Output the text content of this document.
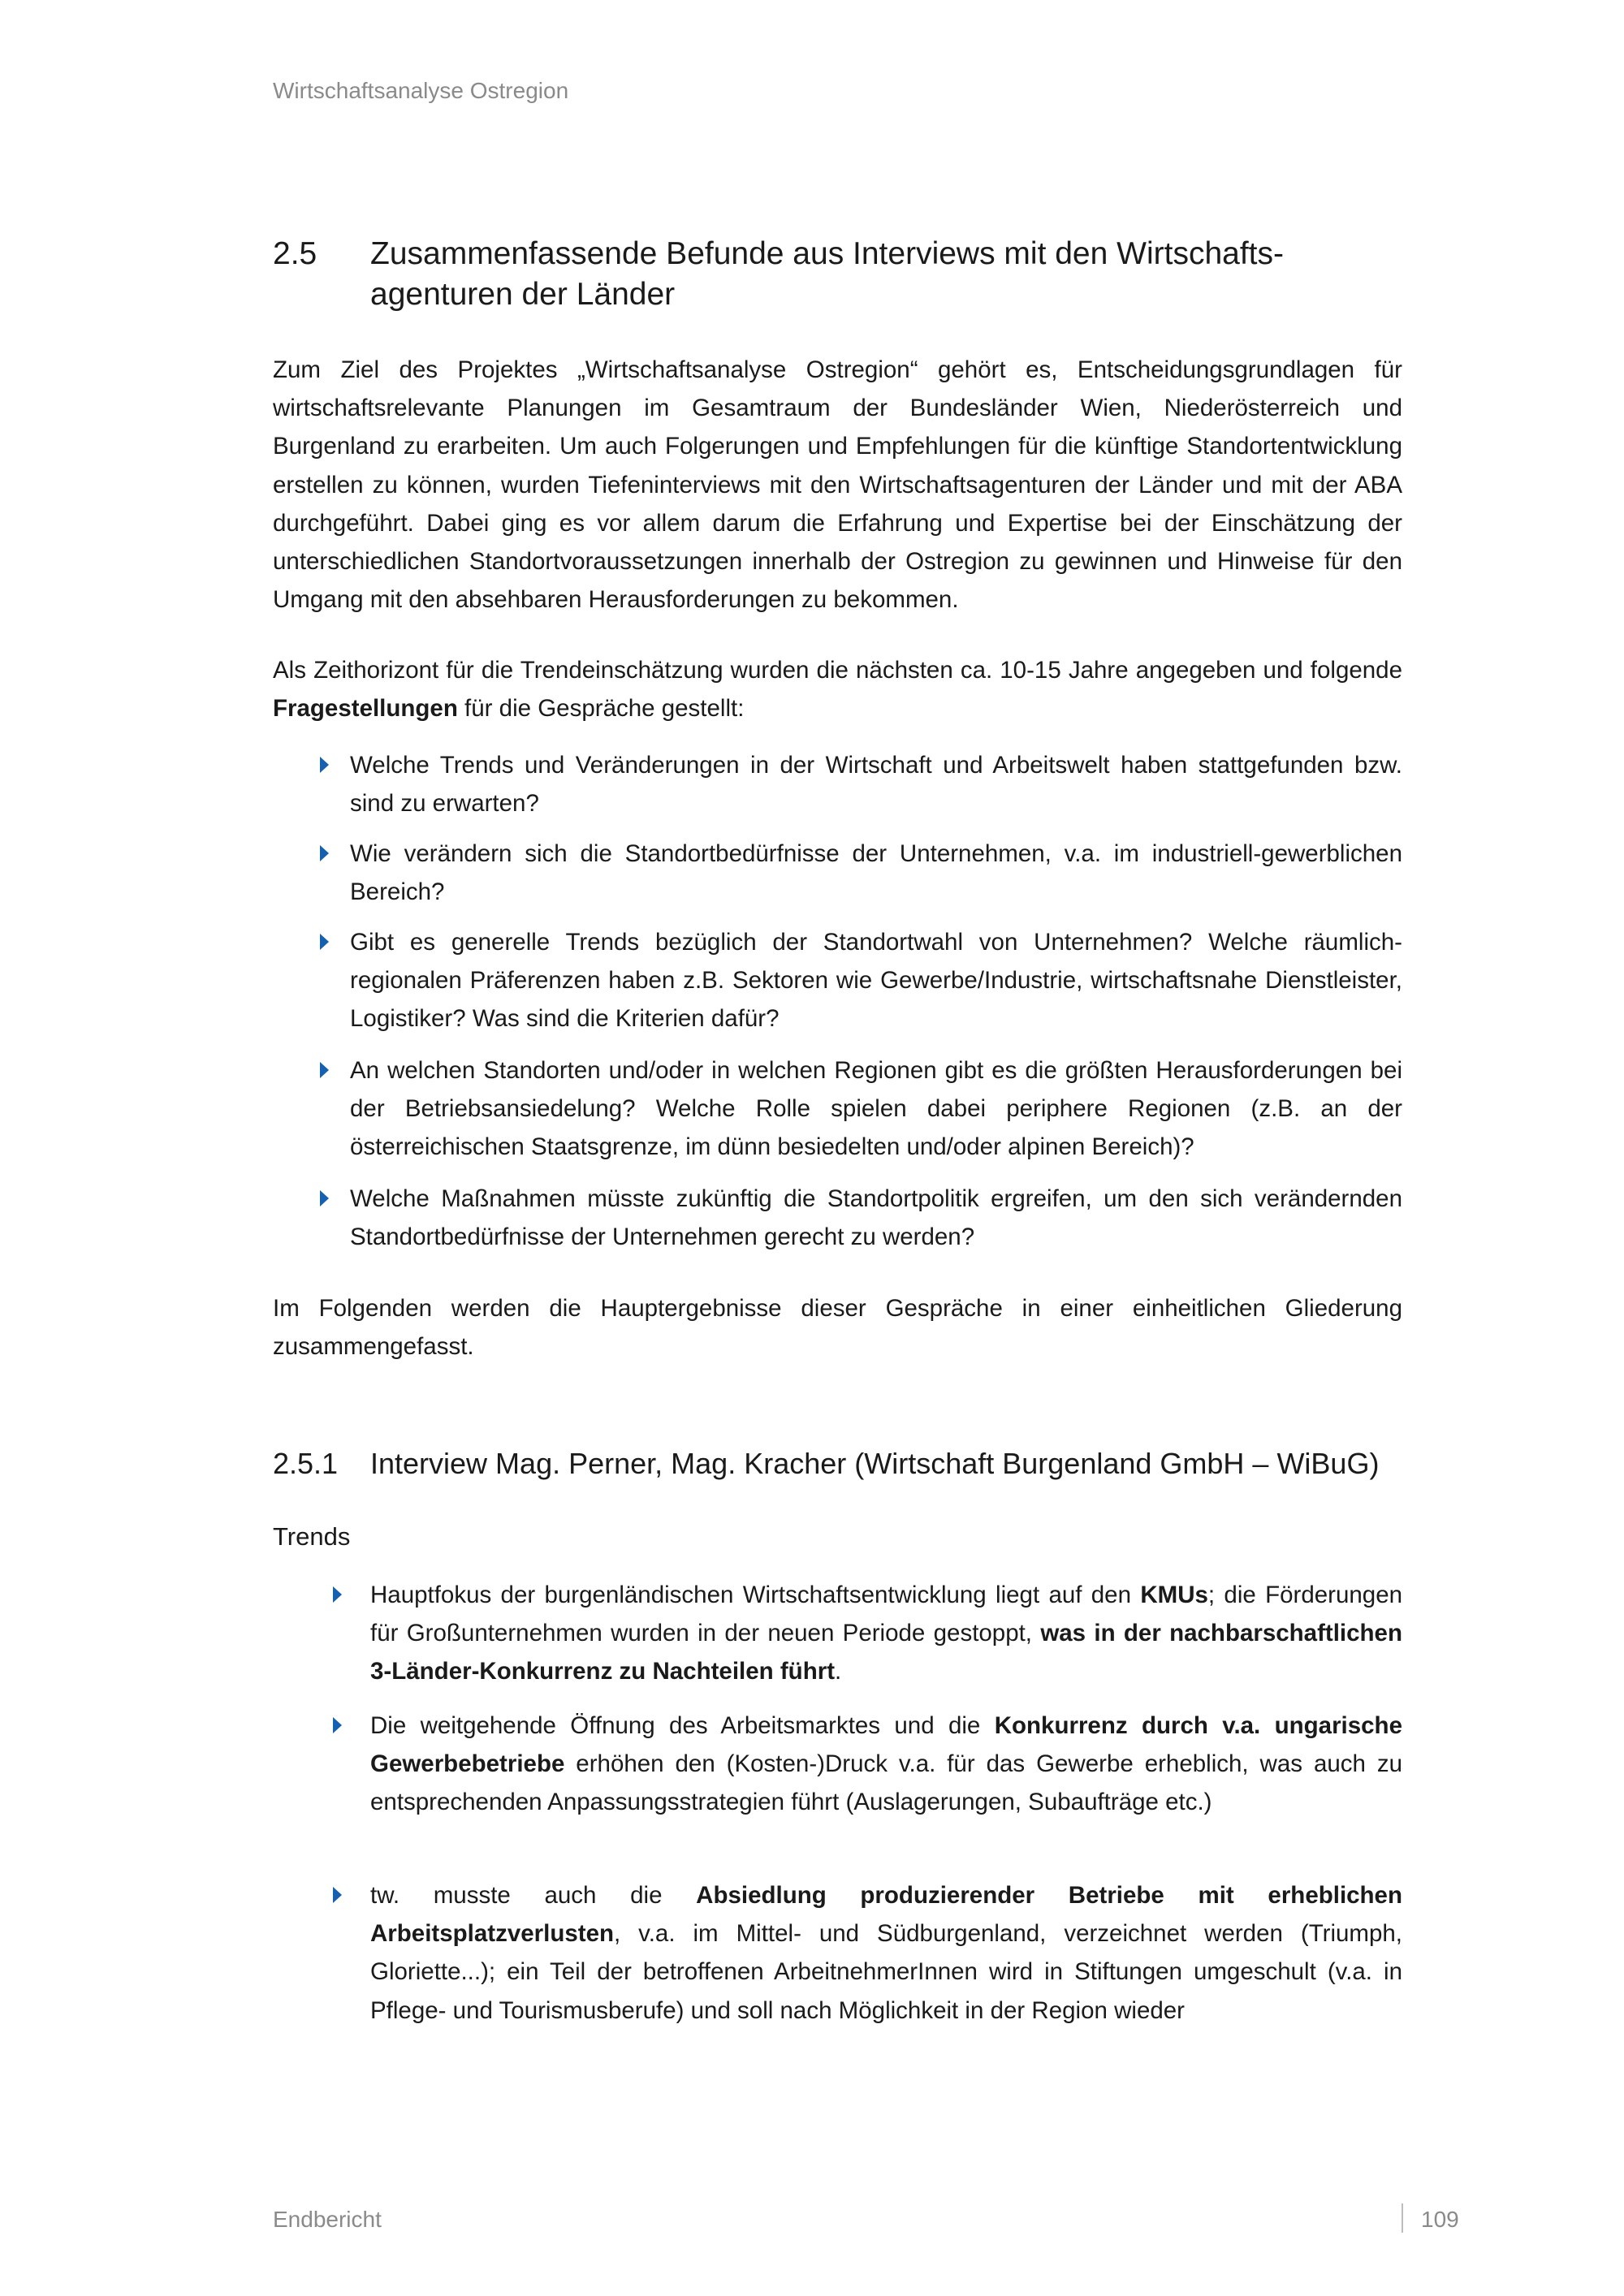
Wirtschaftsanalyse Ostregion
2.5 Zusammenfassende Befunde aus Interviews mit den Wirtschafts-agenturen der Länder
Zum Ziel des Projektes „Wirtschaftsanalyse Ostregion“ gehört es, Entscheidungsgrundlagen für wirtschaftsrelevante Planungen im Gesamtraum der Bundesländer Wien, Niederösterreich und Burgenland zu erarbeiten. Um auch Folgerungen und Empfehlungen für die künftige Standortentwicklung erstellen zu können, wurden Tiefeninterviews mit den Wirtschaftsagenturen der Länder und mit der ABA durchgeführt. Dabei ging es vor allem darum die Erfahrung und Expertise bei der Einschätzung der unterschiedlichen Standortvoraussetzungen innerhalb der Ostregion zu gewinnen und Hinweise für den Umgang mit den absehbaren Herausforderungen zu bekommen.
Als Zeithorizont für die Trendeinschätzung wurden die nächsten ca. 10-15 Jahre angegeben und folgende Fragestellungen für die Gespräche gestellt:
Welche Trends und Veränderungen in der Wirtschaft und Arbeitswelt haben stattgefunden bzw. sind zu erwarten?
Wie verändern sich die Standortbedürfnisse der Unternehmen, v.a. im industriell-gewerblichen Bereich?
Gibt es generelle Trends bezüglich der Standortwahl von Unternehmen? Welche räumlich-regionalen Präferenzen haben z.B. Sektoren wie Gewerbe/Industrie, wirtschaftsnahe Dienstleister, Logistiker? Was sind die Kriterien dafür?
An welchen Standorten und/oder in welchen Regionen gibt es die größten Herausforderungen bei der Betriebsansiedelung? Welche Rolle spielen dabei periphere Regionen (z.B. an der österreichischen Staatsgrenze, im dünn besiedelten und/oder alpinen Bereich)?
Welche Maßnahmen müsste zukünftig die Standortpolitik ergreifen, um den sich verändernden Standortbedürfnisse der Unternehmen gerecht zu werden?
Im Folgenden werden die Hauptergebnisse dieser Gespräche in einer einheitlichen Gliederung zusammengefasst.
2.5.1 Interview Mag. Perner, Mag. Kracher (Wirtschaft Burgenland GmbH – WiBuG)
Trends
Hauptfokus der burgenländischen Wirtschaftsentwicklung liegt auf den KMUs; die Förderungen für Großunternehmen wurden in der neuen Periode gestoppt, was in der nachbarschaftlichen 3-Länder-Konkurrenz zu Nachteilen führt.
Die weitgehende Öffnung des Arbeitsmarktes und die Konkurrenz durch v.a. ungarische Gewerbebetriebe erhöhen den (Kosten-)Druck v.a. für das Gewerbe erheblich, was auch zu entsprechenden Anpassungsstrategien führt (Auslagerungen, Subaufträge etc.)
tw. musste auch die Absiedlung produzierender Betriebe mit erheblichen Arbeitsplatzverlusten, v.a. im Mittel- und Südburgenland, verzeichnet werden (Triumph, Gloriette...); ein Teil der betroffenen ArbeitnehmerInnen wird in Stiftungen umgeschult (v.a. in Pflege- und Tourismusberufe) und soll nach Möglichkeit in der Region wieder
Endbericht	109
